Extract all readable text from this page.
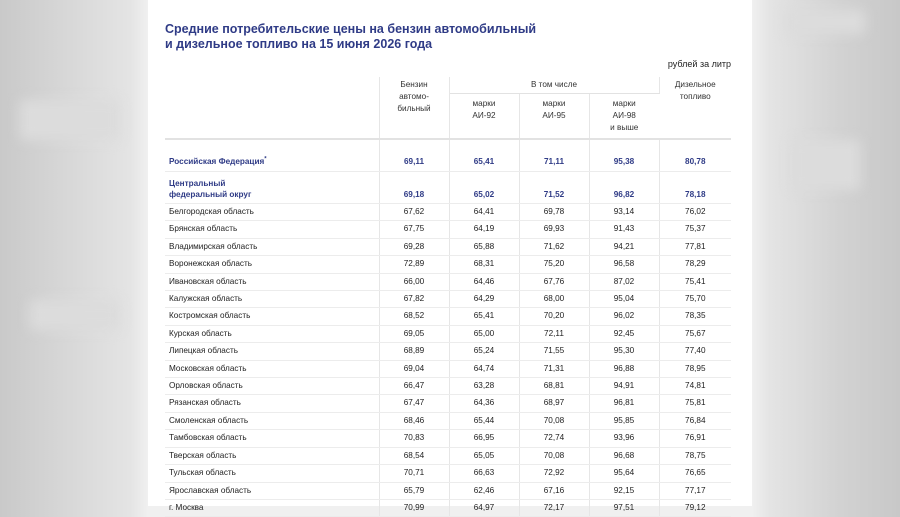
Средние потребительские цены на бензин автомобильный
и дизельное топливо на 15 июня 2026 года
рублей за литр
	Бензин автомо-бильный	В том числе			Дизельное топливо
		марки АИ-92	марки АИ-95	марки АИ-98 и выше	
Российская Федерация*	69,11	65,41	71,11	95,38	80,78
Центральный федеральный округ	69,18	65,02	71,52	96,82	78,18
Белгородская область	67,62	64,41	69,78	93,14	76,02
Брянская область	67,75	64,19	69,93	91,43	75,37
Владимирская область	69,28	65,88	71,62	94,21	77,81
Воронежская область	72,89	68,31	75,20	96,58	78,29
Ивановская область	66,00	64,46	67,76	87,02	75,41
Калужская область	67,82	64,29	68,00	95,04	75,70
Костромская область	68,52	65,41	70,20	96,02	78,35
Курская область	69,05	65,00	72,11	92,45	75,67
Липецкая область	68,89	65,24	71,55	95,30	77,40
Московская область	69,04	64,74	71,31	96,88	78,95
Орловская область	66,47	63,28	68,81	94,91	74,81
Рязанская область	67,47	64,36	68,97	96,81	75,81
Смоленская область	68,46	65,44	70,08	95,85	76,84
Тамбовская область	70,83	66,95	72,74	93,96	76,91
Тверская область	68,54	65,05	70,08	96,68	78,75
Тульская область	70,71	66,63	72,92	95,64	76,65
Ярославская область	65,79	62,46	67,16	92,15	77,17
г. Москва	70,99	64,97	72,17	97,51	79,12
